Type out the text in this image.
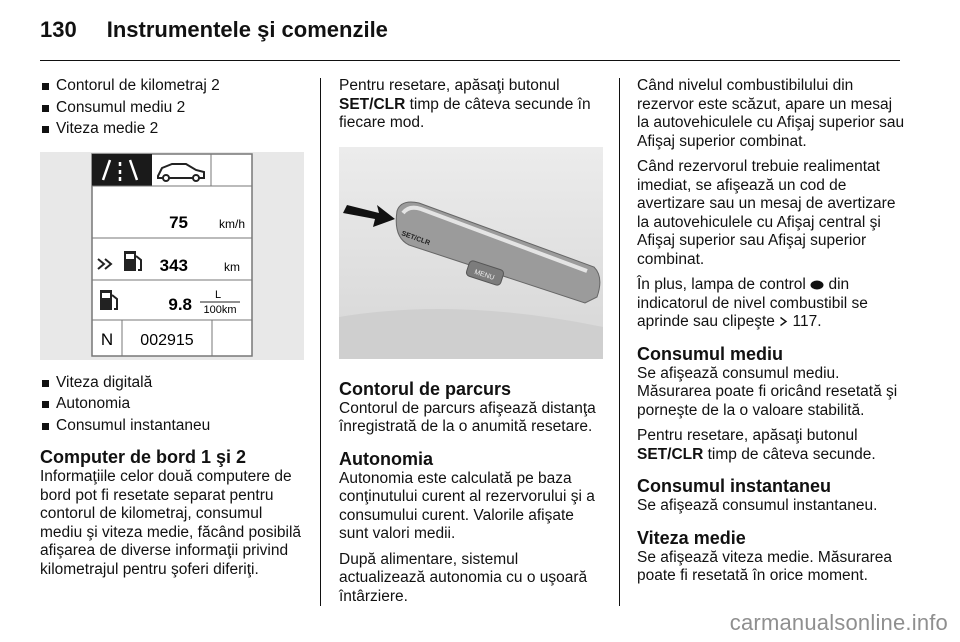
130 Instrumentele şi comenzile
Contorul de kilometraj 2
Consumul mediu 2
Viteza medie 2
75	km/h
343	km
9.8 L
100km
N 002915
Viteza digitală
Autonomia
Consumul instantaneu
Computer de bord 1 şi 2

Informaţiile celor două computere de bord pot fi resetate separat pentru contorul de kilometraj, consumul mediu şi viteza medie, făcând posibilă afişarea de diverse informaţii privind kilometrajul pentru şoferi diferiţi.

Pentru resetare, apăsaţi butonul SET/CLR timp de câteva secunde în fiecare mod.

SET/CLR
MENU
Contorul de parcurs

Contorul de parcurs afişează distanţa înregistrată de la o anumită resetare.

Autonomia

Autonomia este calculată pe baza conţinutului curent al rezervorului şi a consumului curent. Valorile afişate sunt valori medii.

După alimentare, sistemul actualizează autonomia cu o uşoară întârziere.

Când nivelul combustibilului din rezervor este scăzut, apare un mesaj la autovehiculele cu Afişaj superior sau Afişaj superior combinat.

Când rezervorul trebuie realimentat imediat, se afişează un cod de avertizare sau un mesaj de avertizare la autovehiculele cu Afişaj central şi Afişaj superior sau Afişaj superior combinat.

În plus, lampa de control  din indicatorul de nivel combustibil se aprinde sau clipeşte  117.

Consumul mediu

Se afişează consumul mediu. Măsurarea poate fi oricând resetată şi porneşte de la o valoare stabilită.

Pentru resetare, apăsaţi butonul SET/CLR timp de câteva secunde.

Consumul instantaneu

Se afişează consumul instantaneu.

Viteza medie

Se afişează viteza medie. Măsurarea poate fi resetată în orice moment.

carmanualsonline.info
